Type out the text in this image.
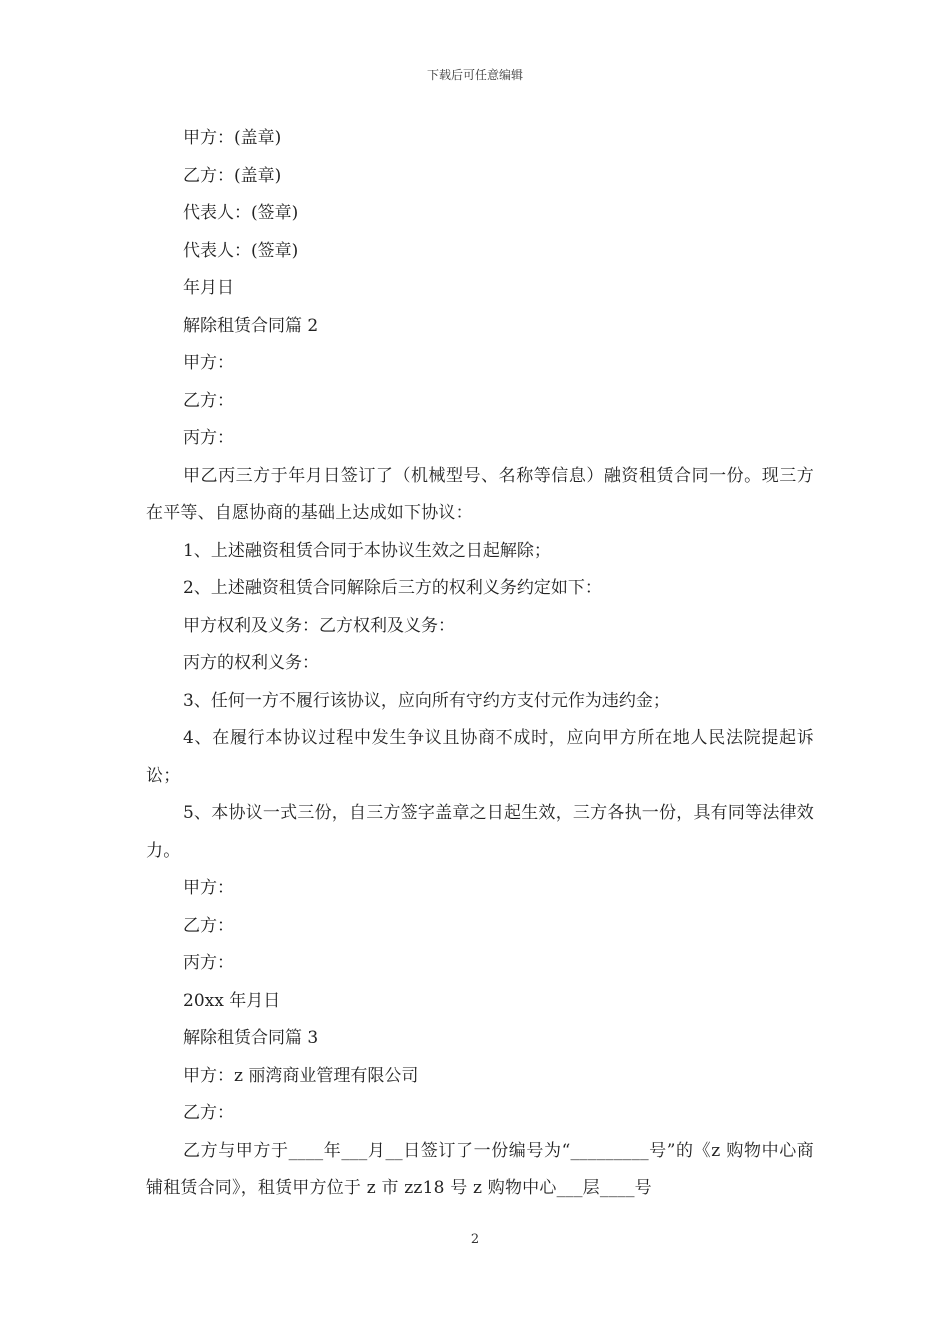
下载后可任意编辑
甲方：(盖章)
乙方：(盖章)
代表人：(签章)
代表人：(签章)
年月日
解除租赁合同篇 2
甲方：
乙方：
丙方：

甲乙丙三方于年月日签订了（机械型号、名称等信息）融资租赁合同一份。现三方在平等、自愿协商的基础上达成如下协议：

1、上述融资租赁合同于本协议生效之日起解除；
2、上述融资租赁合同解除后三方的权利义务约定如下：
甲方权利及义务：乙方权利及义务：
丙方的权利义务：
3、任何一方不履行该协议，应向所有守约方支付元作为违约金；

4、在履行本协议过程中发生争议且协商不成时，应向甲方所在地人民法院提起诉讼；

5、本协议一式三份，自三方签字盖章之日起生效，三方各执一份，具有同等法律效力。

甲方：
乙方：
丙方：
20xx 年月日
解除租赁合同篇 3
甲方：z 丽湾商业管理有限公司
乙方：

乙方与甲方于____年___月__日签订了一份编号为“_________号”的《z 购物中心商铺租赁合同》，租赁甲方位于 z 市 zz18 号 z 购物中心___层____号

2
